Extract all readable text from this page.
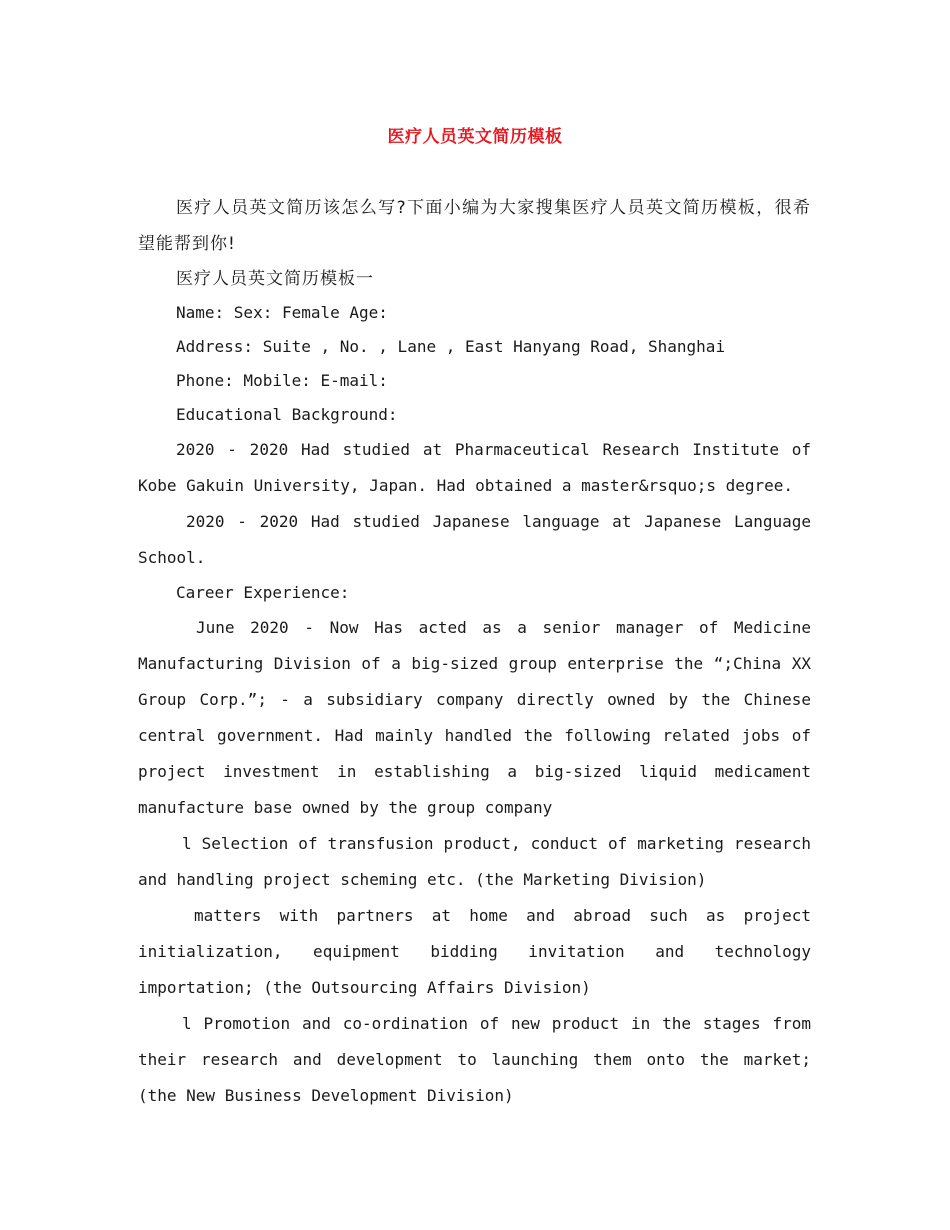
医疗人员英文简历模板

医疗人员英文简历该怎么写?下面小编为大家搜集医疗人员英文简历模板，很希望能帮到你!

医疗人员英文简历模板一

Name: Sex: Female Age:

Address: Suite , No. , Lane , East Hanyang Road, Shanghai

Phone: Mobile: E-mail:

Educational Background:

2020 - 2020 Had studied at Pharmaceutical Research Institute of Kobe Gakuin University, Japan. Had obtained a master&rsquo;s degree.

2020 - 2020 Had studied Japanese language at Japanese Language School.

Career Experience:

June 2020 - Now Has acted as a senior manager of Medicine Manufacturing Division of a big-sized group enterprise the “;China XX Group Corp.”; - a subsidiary company directly owned by the Chinese central government. Had mainly handled the following related jobs of project investment in establishing a big-sized liquid medicament manufacture base owned by the group company

l Selection of transfusion product, conduct of marketing research and handling project scheming etc. (the Marketing Division)

matters with partners at home and abroad such as project initialization, equipment bidding invitation and technology importation; (the Outsourcing Affairs Division)

l Promotion and co-ordination of new product in the stages from their research and development to launching them onto the market; (the New Business Development Division)
